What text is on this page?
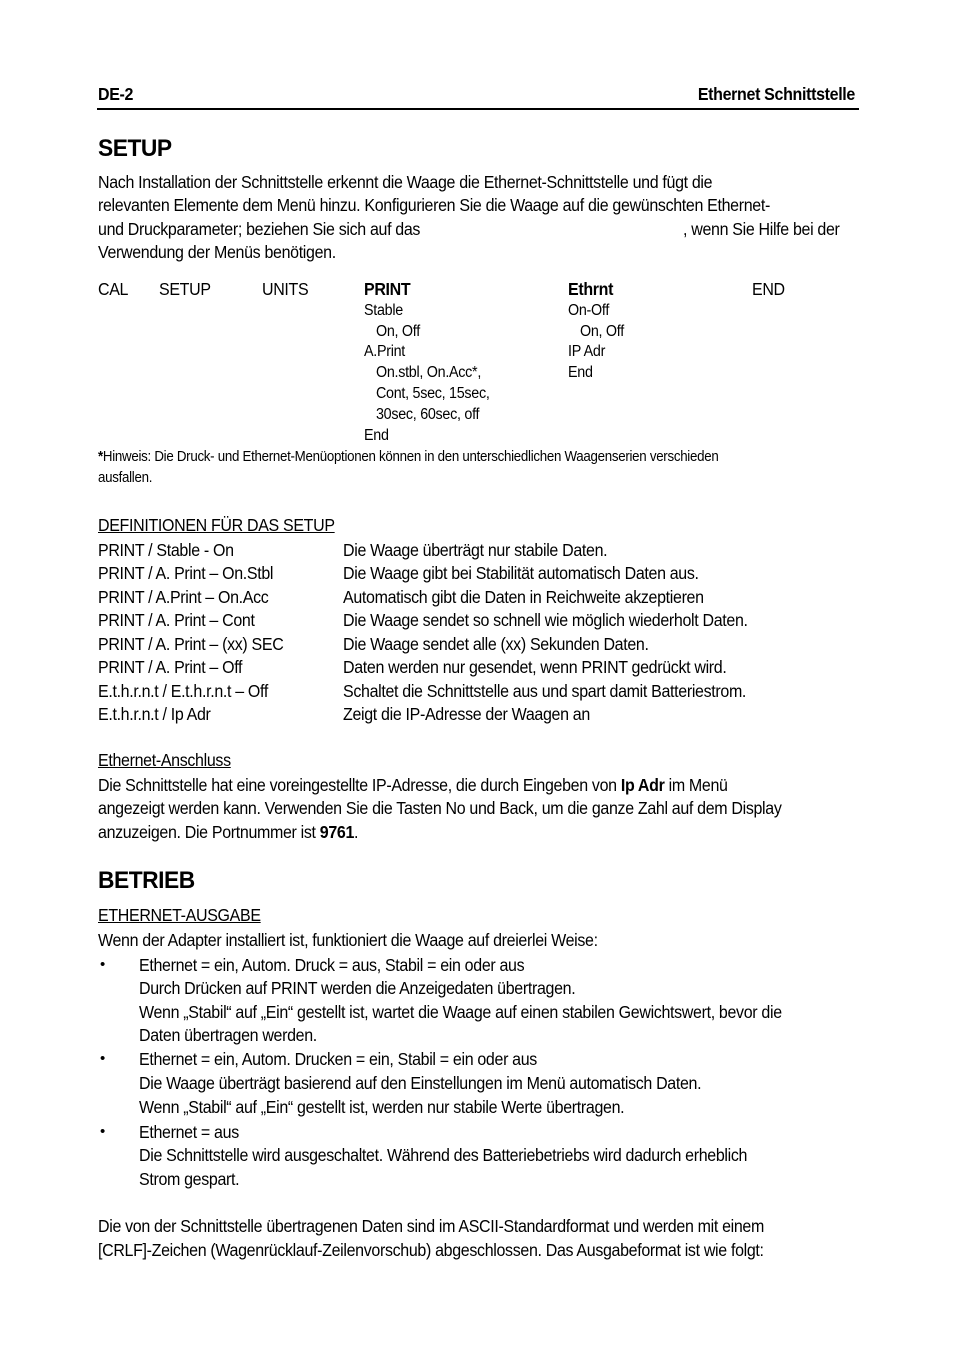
DE-2	Ethernet Schnittstelle
SETUP
Nach Installation der Schnittstelle erkennt die Waage die Ethernet-Schnittstelle und fügt die
relevanten Elemente dem Menü hinzu. Konfigurieren Sie die Waage auf die gewünschten Ethernet-
und Druckparameter; beziehen Sie sich auf das	, wenn Sie Hilfe bei der
Verwendung der Menüs benötigen.
CAL SETUP	UNITS	PRINT	Ethrnt	END
Stable
On, Off
A.Print
On.stbl, On.Acc*,
Cont, 5sec, 15sec,
30sec, 60sec, off
End
On-Off
On, Off
IP Adr
End
*Hinweis: Die Druck- und Ethernet-Menüoptionen können in den unterschiedlichen Waagenserien verschieden
ausfallen.
DEFINITIONEN FÜR DAS SETUP
PRINT / Stable - On	Die Waage überträgt nur stabile Daten.
PRINT / A. Print – On.Stbl	Die Waage gibt bei Stabilität automatisch Daten aus.
PRINT / A.Print – On.Acc	Automatisch gibt die Daten in Reichweite akzeptieren
PRINT / A. Print – Cont	Die Waage sendet so schnell wie möglich wiederholt Daten.
PRINT / A. Print – (xx) SEC	Die Waage sendet alle (xx) Sekunden Daten.
PRINT / A. Print – Off	Daten werden nur gesendet, wenn PRINT gedrückt wird.
E.t.h.r.n.t / E.t.h.r.n.t – Off	Schaltet die Schnittstelle aus und spart damit Batteriestrom.
E.t.h.r.n.t / Ip Adr	Zeigt die IP-Adresse der Waagen an
Ethernet-Anschluss
Die Schnittstelle hat eine voreingestellte IP-Adresse, die durch Eingeben von Ip Adr im Menü
angezeigt werden kann. Verwenden Sie die Tasten No und Back, um die ganze Zahl auf dem Display
anzuzeigen. Die Portnummer ist 9761.
BETRIEB
ETHERNET-AUSGABE
Wenn der Adapter installiert ist, funktioniert die Waage auf dreierlei Weise:
• Ethernet = ein, Autom. Druck = aus, Stabil = ein oder aus
Durch Drücken auf PRINT werden die Anzeigedaten übertragen.
Wenn „Stabil“ auf „Ein“ gestellt ist, wartet die Waage auf einen stabilen Gewichtswert, bevor die
Daten übertragen werden.
• Ethernet = ein, Autom. Drucken = ein, Stabil = ein oder aus
Die Waage überträgt basierend auf den Einstellungen im Menü automatisch Daten.
Wenn „Stabil“ auf „Ein“ gestellt ist, werden nur stabile Werte übertragen.
• Ethernet = aus
Die Schnittstelle wird ausgeschaltet. Während des Batteriebetriebs wird dadurch erheblich
Strom gespart.
Die von der Schnittstelle übertragenen Daten sind im ASCII-Standardformat und werden mit einem
[CRLF]-Zeichen (Wagenrücklauf-Zeilenvorschub) abgeschlossen. Das Ausgabeformat ist wie folgt:
